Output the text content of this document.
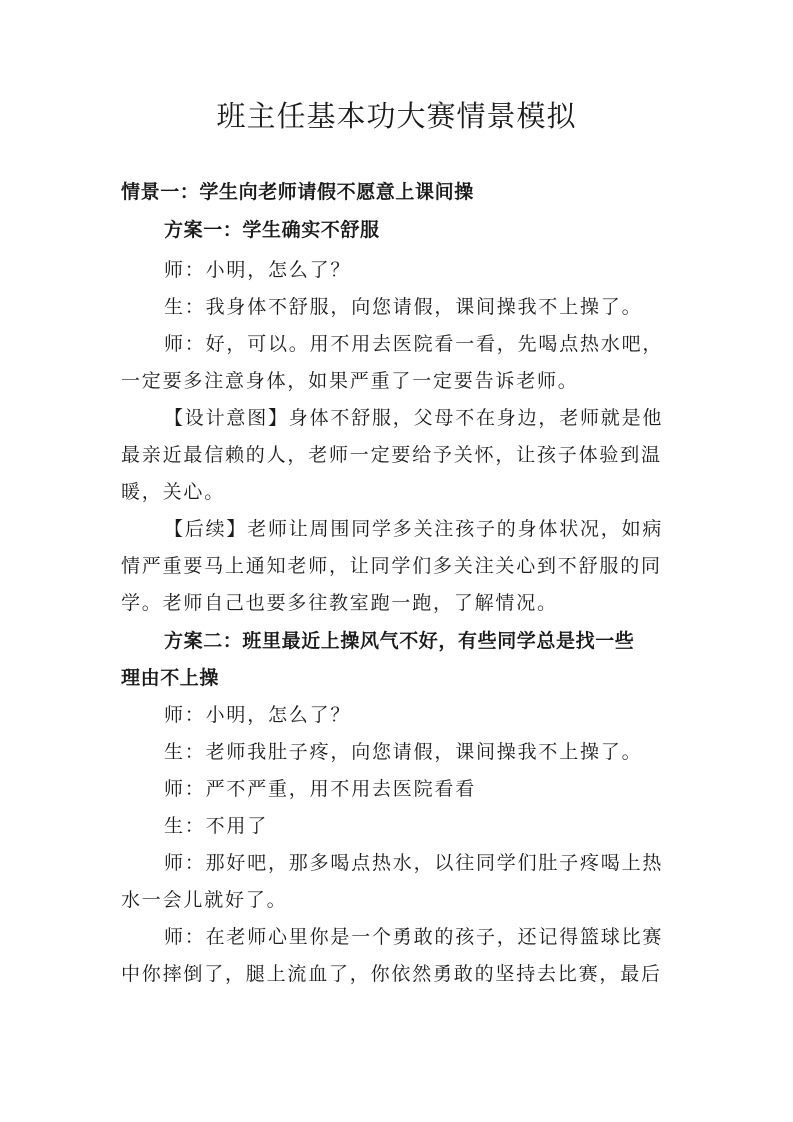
班主任基本功大赛情景模拟

情景一：学生向老师请假不愿意上课间操

方案一：学生确实不舒服

师：小明，怎么了？

生：我身体不舒服，向您请假，课间操我不上操了。

师：好，可以。用不用去医院看一看，先喝点热水吧，

一定要多注意身体，如果严重了一定要告诉老师。

【设计意图】身体不舒服，父母不在身边，老师就是他

最亲近最信赖的人，老师一定要给予关怀，让孩子体验到温

暖，关心。

【后续】老师让周围同学多关注孩子的身体状况，如病

情严重要马上通知老师，让同学们多关注关心到不舒服的同

学。老师自己也要多往教室跑一跑，了解情况。

方案二：班里最近上操风气不好，有些同学总是找一些

理由不上操

师：小明，怎么了？

生：老师我肚子疼，向您请假，课间操我不上操了。

师：严不严重，用不用去医院看看

生：不用了

师：那好吧，那多喝点热水，以往同学们肚子疼喝上热

水一会儿就好了。

师：在老师心里你是一个勇敢的孩子，还记得篮球比赛

中你摔倒了，腿上流血了，你依然勇敢的坚持去比赛，最后
